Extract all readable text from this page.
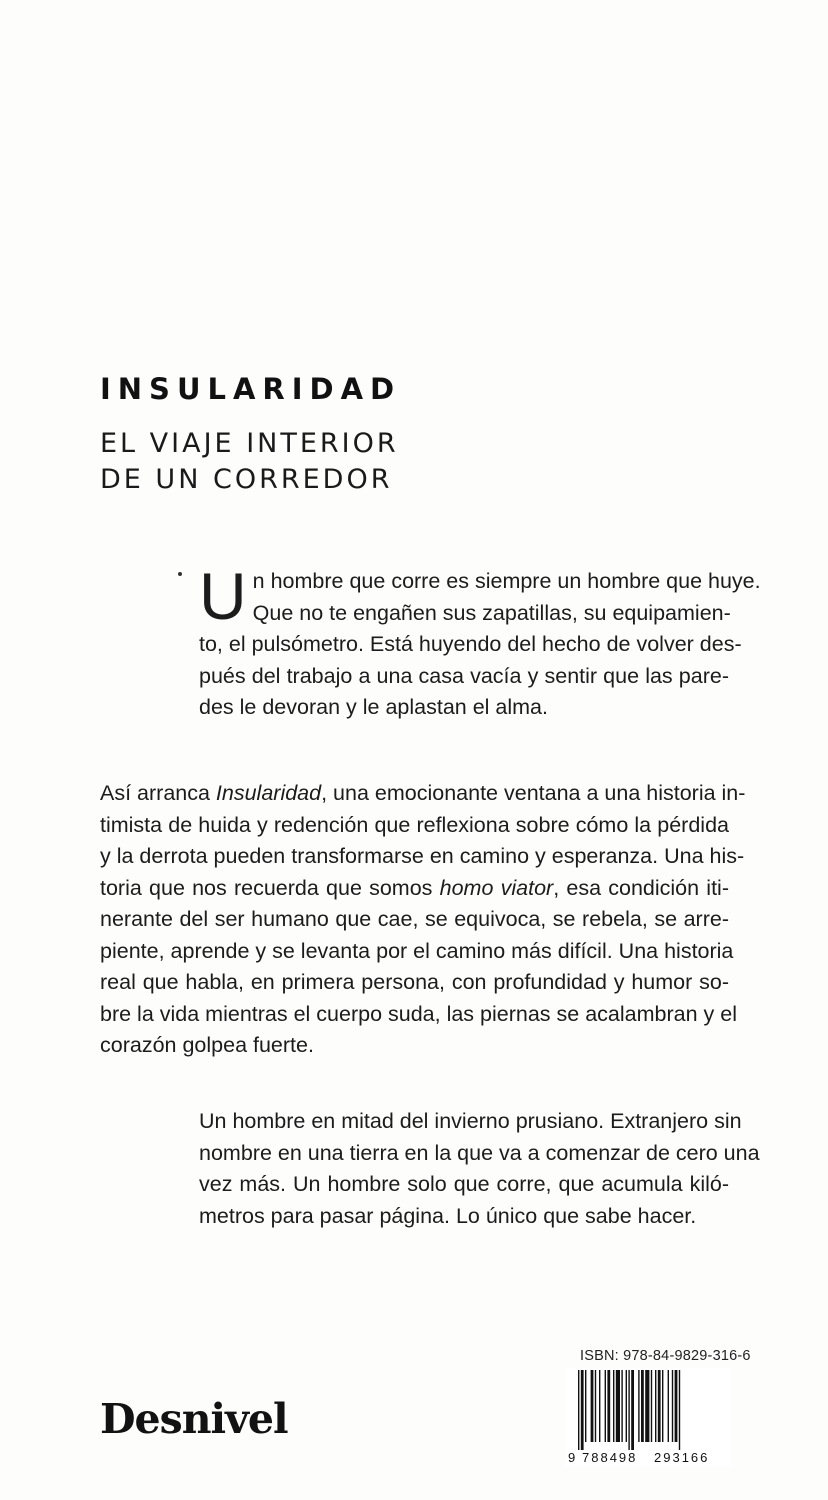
INSULARIDAD
EL VIAJE INTERIOR
DE UN CORREDOR
U n hombre que corre es siempre un hombre que huye.
Que no te engañen sus zapatillas, su equipamien-
to, el pulsómetro. Está huyendo del hecho de volver des-
pués del trabajo a una casa vacía y sentir que las pare-
des le devoran y le aplastan el alma.
Así arranca Insularidad, una emocionante ventana a una historia in-
timista de huida y redención que reflexiona sobre cómo la pérdida
y la derrota pueden transformarse en camino y esperanza. Una his-
toria que nos recuerda que somos homo viator, esa condición iti-
nerante del ser humano que cae, se equivoca, se rebela, se arre-
piente, aprende y se levanta por el camino más difícil. Una historia
real que habla, en primera persona, con profundidad y humor so-
bre la vida mientras el cuerpo suda, las piernas se acalambran y el
corazón golpea fuerte.
Un hombre en mitad del invierno prusiano. Extranjero sin
nombre en una tierra en la que va a comenzar de cero una
vez más. Un hombre solo que corre, que acumula kiló-
metros para pasar página. Lo único que sabe hacer.
Desnivel
ISBN: 978-84-9829-316-6
9 788498 293166
